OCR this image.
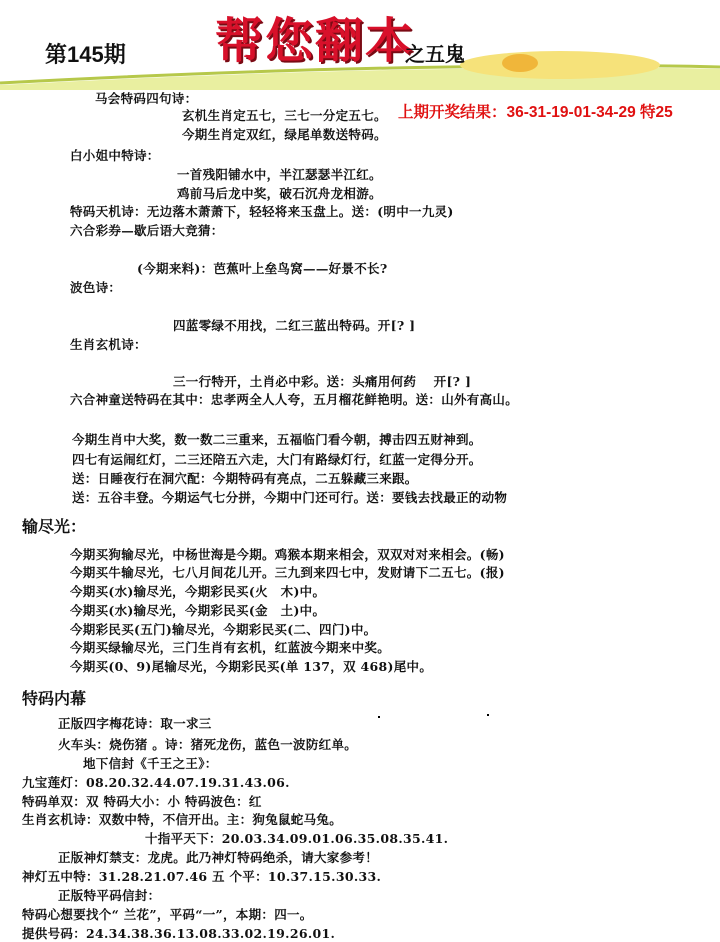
第145期 帮您翻本
之五鬼
上期开奖结果：36-31-19-01-34-29 特25
马会特码四句诗：
玄机生肖定五七，三七一分定五七。
今期生肖定双红，绿尾单数送特码。
白小姐中特诗：
一首残阳铺水中，半江瑟瑟半江红。
鸡前马后龙中奖，破石沉舟龙相游。
特码天机诗：无边落木萧萧下，轻轻将来玉盘上。送：(明中一九灵)
六合彩券—歇后语大竞猜：
(今期来料)：芭蕉叶上垒鸟窝——好景不长?
波色诗：
四蓝零绿不用找，二红三蓝出特码。开[? ]
生肖玄机诗：
三一行特开，土肖必中彩。送：头痛用何药　 开[? ]
六合神童送特码在其中：忠孝两全人人夸，五月榴花鲜艳明。送：山外有高山。
今期生肖中大奖，数一数二三重来，五福临门看今朝，搏击四五财神到。
四七有运闹红灯，二三还陪五六走，大门有路绿灯行，红蓝一定得分开。
送：日睡夜行在洞穴配：今期特码有亮点，二五躲藏三来跟。
送：五谷丰登。今期运气七分拼，今期中门还可行。送：要钱去找最正的动物
输尽光：
今期买狗输尽光，中杨世海是今期。鸡猴本期来相会，双双对对来相会。(畅)
今期买牛输尽光，七八月间花儿开。三九到来四七中，发财请下二五七。(报)
今期买(水)输尽光，今期彩民买(火　木)中。
今期买(水)输尽光，今期彩民买(金　土)中。
今期彩民买(五门)输尽光，今期彩民买(二、四门)中。
今期买绿输尽光，三门生肖有玄机，红蓝波今期来中奖。
今期买(0、9)尾输尽光，今期彩民买(单 137，双 468)尾中。
特码内幕
正版四字梅花诗：取一求三
火车头：烧伤猪 。诗：猪死龙伤，蓝色一波防红单。
地下信封《千王之王》：
九宝莲灯：08.20.32.44.07.19.31.43.06.
特码单双：双 特码大小：小 特码波色：红
生肖玄机诗：双数中特，不信开出。主：狗兔鼠蛇马兔。
十指平天下：20.03.34.09.01.06.35.08.35.41.
正版神灯禁支：龙虎。此乃神灯特码绝杀，请大家参考！
神灯五中特：31.28.21.07.46 五 个平：10.37.15.30.33.
正版特平码信封：
特码心想要找个“ 兰花”，平码“一”，本期：四一。
提供号码：24.34.38.36.13.08.33.02.19.26.01.
